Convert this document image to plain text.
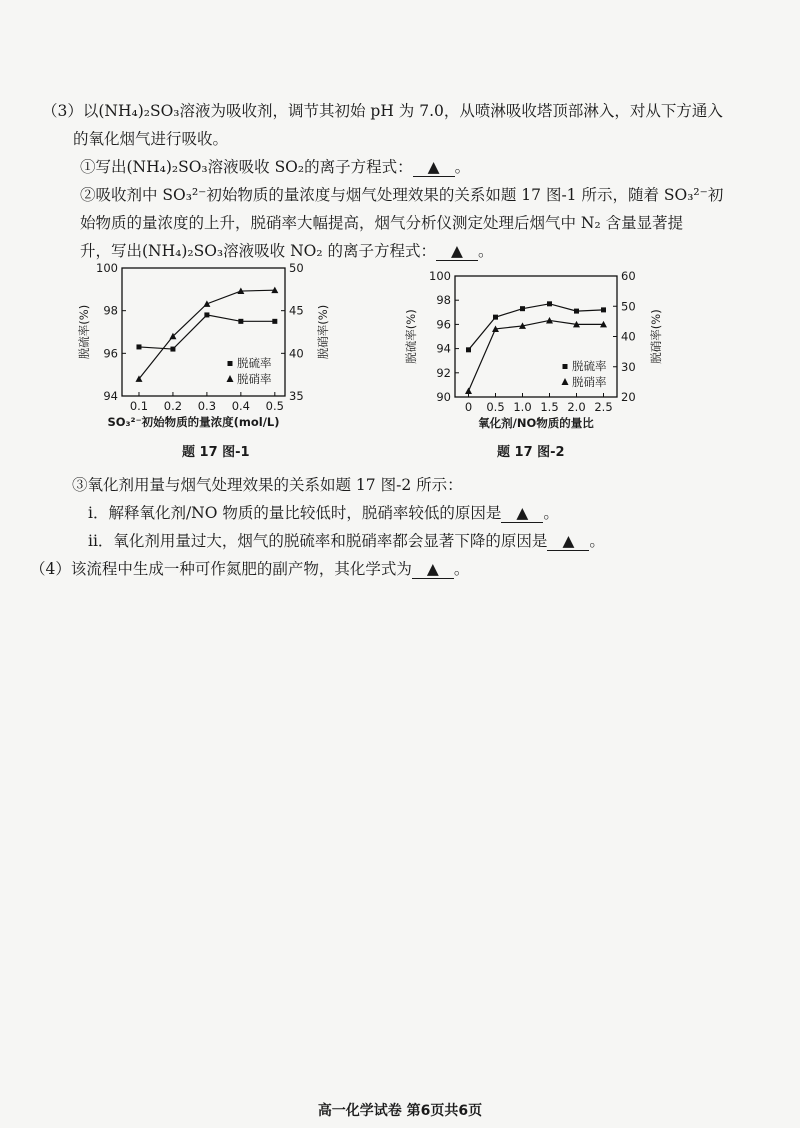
（3）以(NH₄)₂SO₃溶液为吸收剂，调节其初始 pH 为 7.0，从喷淋吸收塔顶部淋入，对从下方通入
的氧化烟气进行吸收。
①写出(NH₄)₂SO₃溶液吸收 SO₂的离子方程式： ▲ 。
②吸收剂中 SO₃²⁻初始物质的量浓度与烟气处理效果的关系如题 17 图-1 所示，随着 SO₃²⁻初
始物质的量浓度的上升，脱硝率大幅提高，烟气分析仪测定处理后烟气中 N₂ 含量显著提
升，写出(NH₄)₂SO₃溶液吸收 NO₂ 的离子方程式： ▲ 。
0.1 0.2 0.3 0.4 0.5
94
96
98
100
35
40
45
50
脱硫率(%)	脱硝率(%)
SO₃²⁻初始物质的量浓度(mol/L)
脱硫率
脱硝率
题 17 图-1
0 0.5 1.0 1.5 2.0 2.5
90
92
94
96
98
100
20
30
40
50
60
脱硫率(%)	脱硝率(%)
氧化剂/NO物质的量比
脱硫率
脱硝率
题 17 图-2
③氧化剂用量与烟气处理效果的关系如题 17 图-2 所示：
i．解释氧化剂/NO 物质的量比较低时，脱硝率较低的原因是 ▲ 。
ii．氧化剂用量过大，烟气的脱硫率和脱硝率都会显著下降的原因是 ▲ 。
（4）该流程中生成一种可作氮肥的副产物，其化学式为 ▲ 。
高一化学试卷 第6页共6页
